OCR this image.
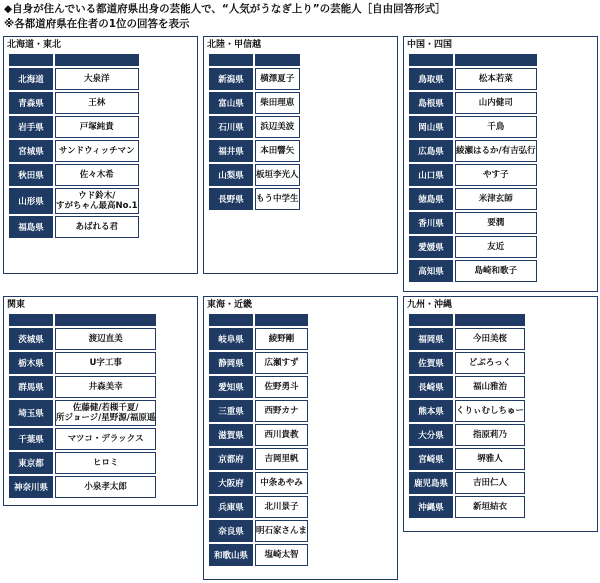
◆自身が住んでいる都道府県出身の芸能人で、“人気がうなぎ上り”の芸能人［自由回答形式］
※各都道府県在住者の1位の回答を表示
北海道・東北

北海道	大泉洋

青森県	王林

岩手県	戸塚純貴

宮城県	サンドウィッチマン

秋田県	佐々木希

山形県	ウド鈴木/
すがちゃん最高No.1

福島県	あばれる君
北陸・甲信越

新潟県	横澤夏子

富山県	柴田理恵

石川県	浜辺美波

福井県	本田響矢

山梨県	板垣李光人

長野県	もう中学生
中国・四国

鳥取県	松本若菜

島根県	山内健司

岡山県	千鳥

広島県	綾瀬はるか/有吉弘行

山口県	やす子

徳島県	米津玄師

香川県	要潤

愛媛県	友近

高知県	島崎和歌子
関東

茨城県	渡辺直美

栃木県	U字工事

群馬県	井森美幸

埼玉県	佐藤健/若槻千夏/
所ジョージ/星野源/福原遥

千葉県	マツコ・デラックス

東京都	ヒロミ

神奈川県	小泉孝太郎
東海・近畿

岐阜県	綾野剛

静岡県	広瀬すず

愛知県	佐野勇斗

三重県	西野カナ

滋賀県	西川貴教

京都府	吉岡里帆

大阪府	中条あやみ

兵庫県	北川景子

奈良県	明石家さんま

和歌山県	塩崎太智
九州・沖縄

福岡県	今田美桜

佐賀県	どぶろっく

長崎県	福山雅治

熊本県	くりぃむしちゅー

大分県	指原莉乃

宮崎県	堺雅人

鹿児島県	吉田仁人

沖縄県	新垣結衣
